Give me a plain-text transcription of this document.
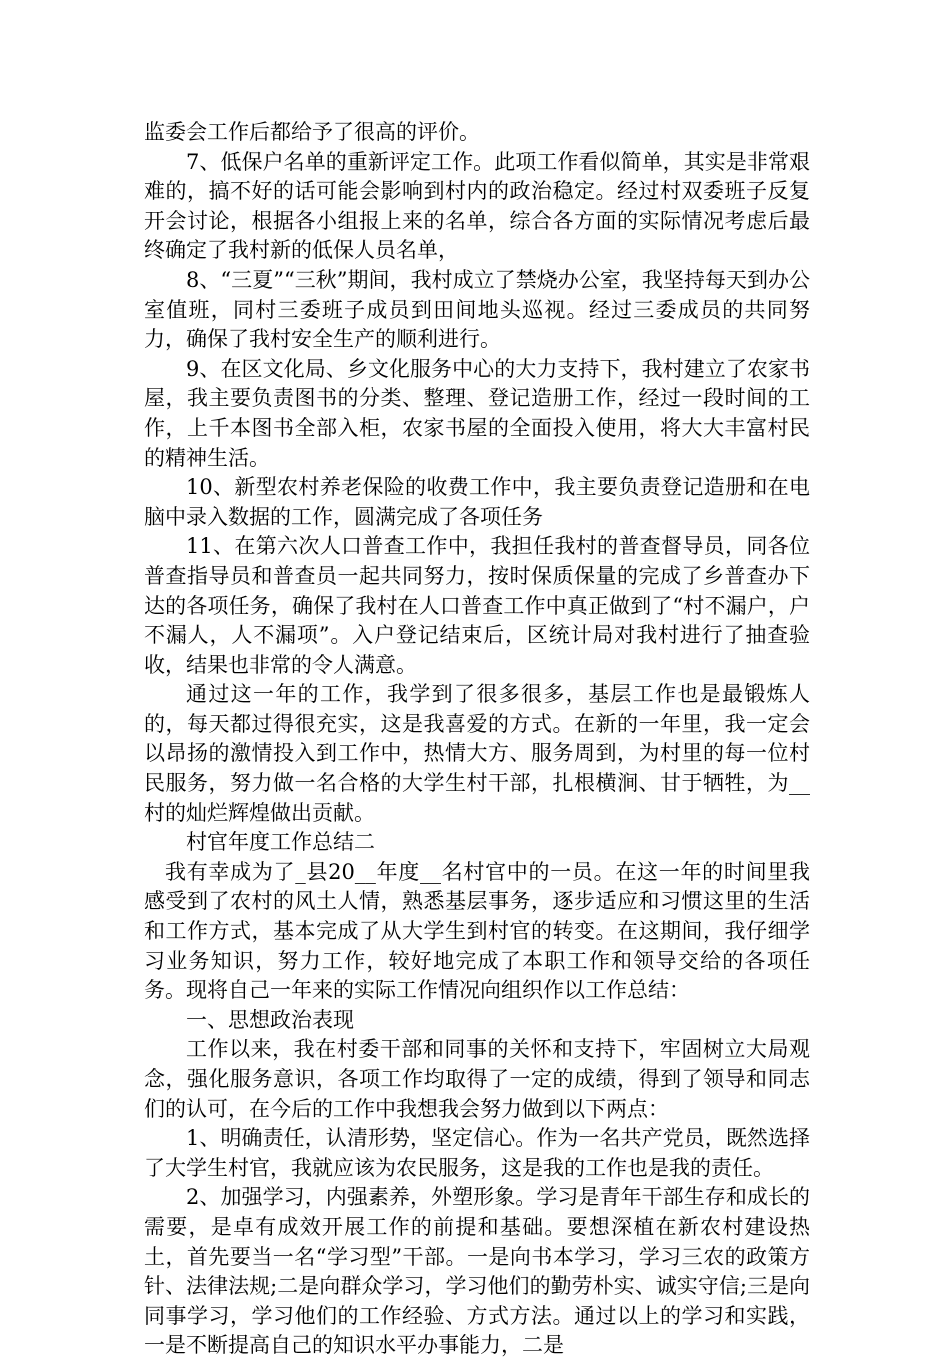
监委会工作后都给予了很高的评价。

7、低保户名单的重新评定工作。此项工作看似简单，其实是非常艰难的，搞不好的话可能会影响到村内的政治稳定。经过村双委班子反复开会讨论，根据各小组报上来的名单，综合各方面的实际情况考虑后最终确定了我村新的低保人员名单，

8、“三夏”“三秋”期间，我村成立了禁烧办公室，我坚持每天到办公室值班，同村三委班子成员到田间地头巡视。经过三委成员的共同努力，确保了我村安全生产的顺利进行。

9、在区文化局、乡文化服务中心的大力支持下，我村建立了农家书屋，我主要负责图书的分类、整理、登记造册工作，经过一段时间的工作，上千本图书全部入柜，农家书屋的全面投入使用，将大大丰富村民的精神生活。

10、新型农村养老保险的收费工作中，我主要负责登记造册和在电脑中录入数据的工作，圆满完成了各项任务

11、在第六次人口普查工作中，我担任我村的普查督导员，同各位普查指导员和普查员一起共同努力，按时保质保量的完成了乡普查办下达的各项任务，确保了我村在人口普查工作中真正做到了“村不漏户，户不漏人，人不漏项”。入户登记结束后，区统计局对我村进行了抽查验收，结果也非常的令人满意。

通过这一年的工作，我学到了很多很多，基层工作也是最锻炼人的，每天都过得很充实，这是我喜爱的方式。在新的一年里，我一定会以昂扬的激情投入到工作中，热情大方、服务周到，为村里的每一位村民服务，努力做一名合格的大学生村干部，扎根横涧、甘于牺牲，为__村的灿烂辉煌做出贡献。

村官年度工作总结二

我有幸成为了_县20__年度__名村官中的一员。在这一年的时间里我感受到了农村的风土人情，熟悉基层事务，逐步适应和习惯这里的生活和工作方式，基本完成了从大学生到村官的转变。在这期间，我仔细学习业务知识，努力工作，较好地完成了本职工作和领导交给的各项任务。现将自己一年来的实际工作情况向组织作以工作总结：

一、思想政治表现

工作以来，我在村委干部和同事的关怀和支持下，牢固树立大局观念，强化服务意识，各项工作均取得了一定的成绩，得到了领导和同志们的认可，在今后的工作中我想我会努力做到以下两点：

1、明确责任，认清形势，坚定信心。作为一名共产党员，既然选择了大学生村官，我就应该为农民服务，这是我的工作也是我的责任。

2、加强学习，内强素养，外塑形象。学习是青年干部生存和成长的需要，是卓有成效开展工作的前提和基础。要想深植在新农村建设热土，首先要当一名“学习型”干部。一是向书本学习，学习三农的政策方针、法律法规;二是向群众学习，学习他们的勤劳朴实、诚实守信;三是向同事学习，学习他们的工作经验、方式方法。通过以上的学习和实践，一是不断提高自己的知识水平办事能力，二是
